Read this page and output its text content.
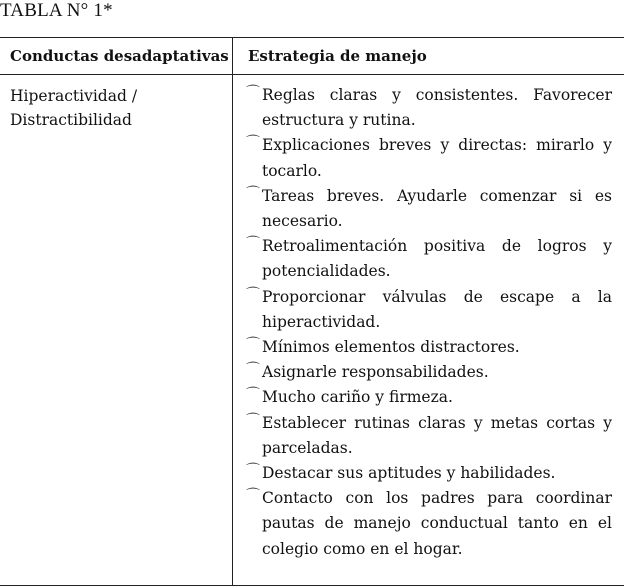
TABLA N° 1*
Conductas desadaptativas Estrategia de manejo
Hiperactividad / Distractibilidad
⌒ Reglas claras y consistentes. Favorecer estructura y rutina.
⌒ Explicaciones breves y directas: mirarlo y tocarlo.
⌒ Tareas breves. Ayudarle comenzar si es necesario.
⌒ Retroalimentación positiva de logros y potencialidades.
⌒ Proporcionar válvulas de escape a la hiperactividad.
⌒ Mínimos elementos distractores.
⌒ Asignarle responsabilidades.
⌒ Mucho cariño y firmeza.
⌒ Establecer rutinas claras y metas cortas y parceladas.
⌒ Destacar sus aptitudes y habilidades.
⌒ Contacto con los padres para coordinar pautas de manejo conductual tanto en el colegio como en el hogar.
